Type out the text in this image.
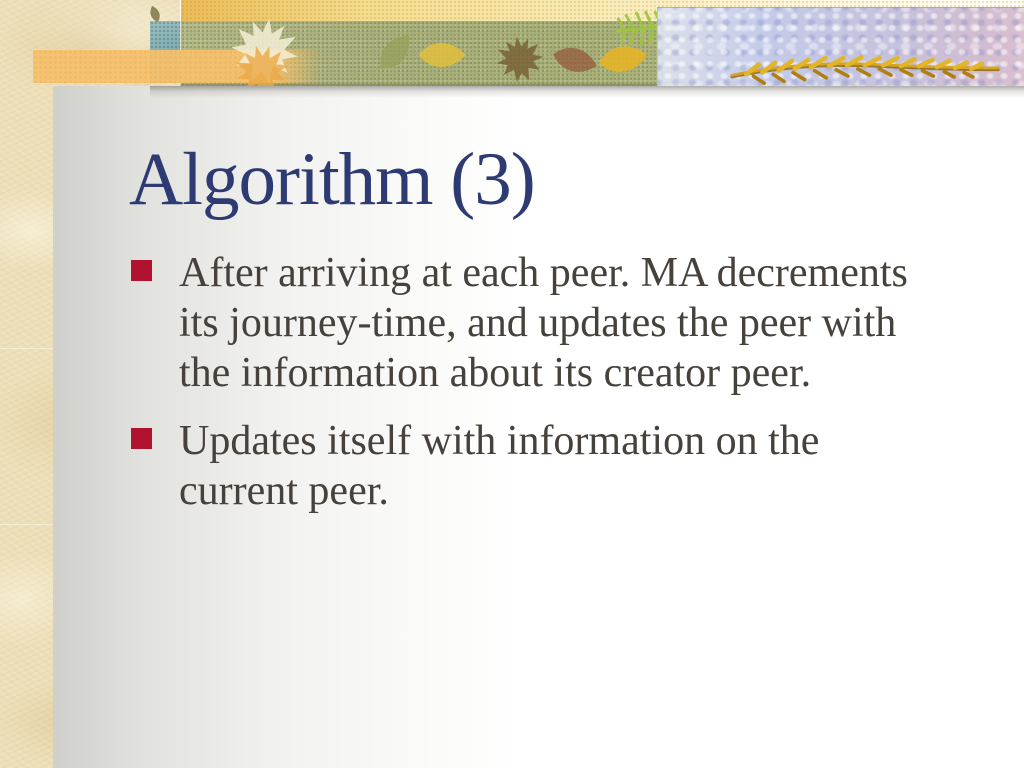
Algorithm (3)
After arriving at each peer. MA decrements its journey-time, and updates the peer with the information about its creator peer.
Updates itself with information on the current peer.
